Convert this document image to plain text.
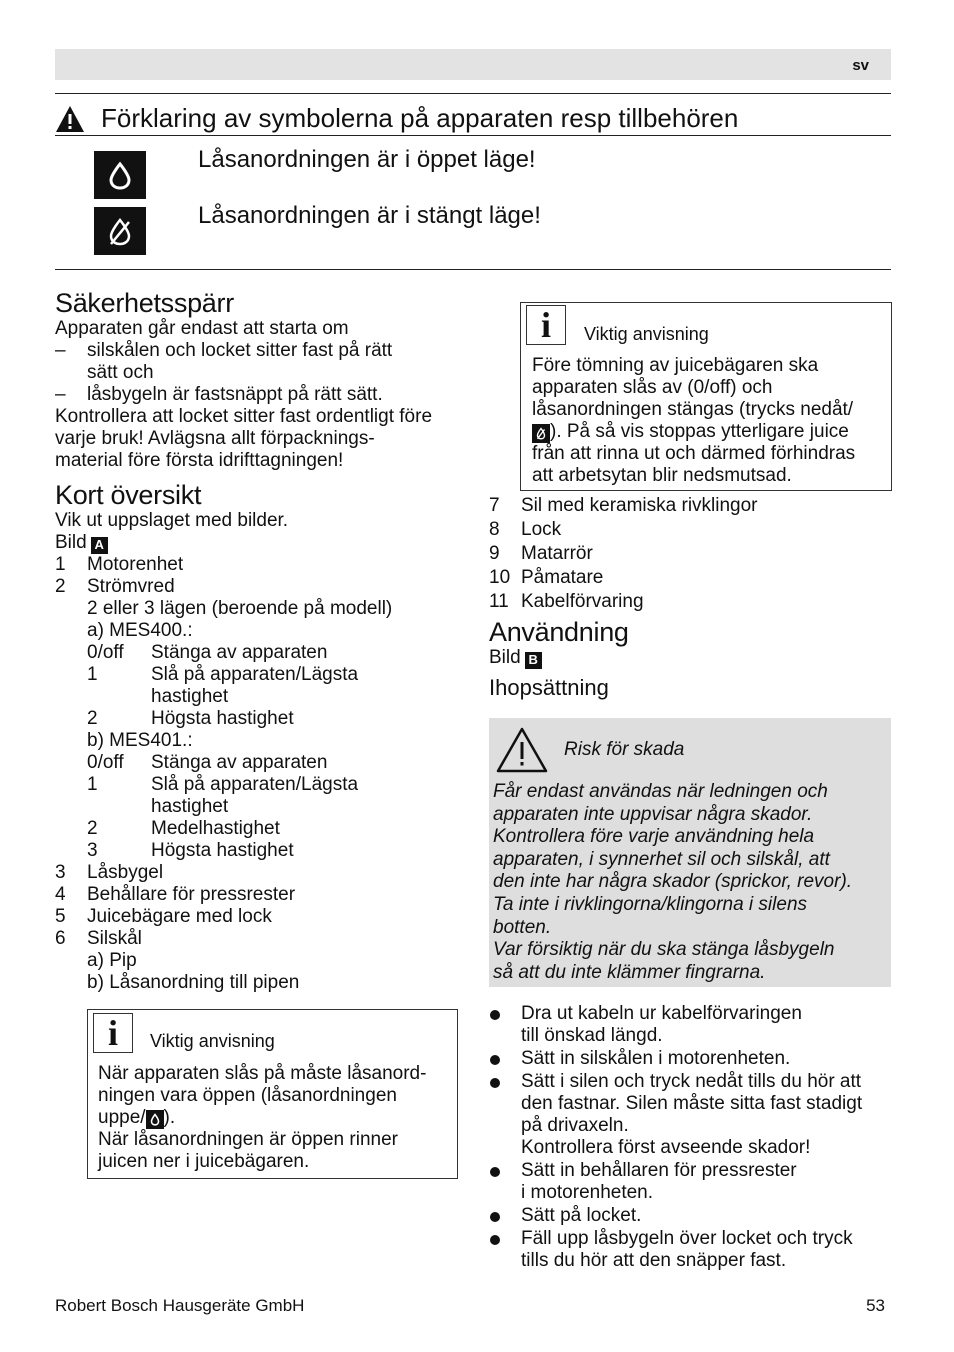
sv
Förklaring av symbolerna på apparaten resp tillbehören
Låsanordningen är i öppet läge!
Låsanordningen är i stängt läge!
Säkerhetsspärr
Apparaten går endast att starta om
–	silskålen och locket sitter fast på rätt
sätt och
–	låsbygeln är fastsnäppt på rätt sätt.
Kontrollera att locket sitter fast ordentligt före
varje bruk! Avlägsna allt förpacknings-
material före första idrifttagningen!
Kort översikt
Vik ut uppslaget med bilder.
Bild A
1	Motorenhet
2	Strömvred
2 eller 3 lägen (beroende på modell)
a) MES400.:
0/off	Stänga av apparaten
1	Slå på apparaten/Lägsta
hastighet
2	Högsta hastighet
b) MES401.:
0/off	Stänga av apparaten
1	Slå på apparaten/Lägsta
hastighet
2	Medelhastighet
3	Högsta hastighet
3	Låsbygel
4	Behållare för pressrester
5	Juicebägare med lock
6	Silskål
a) Pip
b) Låsanordning till pipen
i	Viktig anvisning
När apparaten slås på måste låsanord-
ningen vara öppen (låsanordningen
uppe/ ).
När låsanordningen är öppen rinner
juicen ner i juicebägaren.
i	Viktig anvisning
Före tömning av juicebägaren ska
apparaten slås av (0/off) och
låsanordningen stängas (trycks nedåt/
). På så vis stoppas ytterligare juice
från att rinna ut och därmed förhindras
att arbetsytan blir nedsmutsad.
7	Sil med keramiska rivklingor
8	Lock
9	Matarrör
10 Påmatare
11 Kabelförvaring
Användning
Bild B
Ihopsättning
Risk för skada
Får endast användas när ledningen och
apparaten inte uppvisar några skador.
Kontrollera före varje användning hela
apparaten, i synnerhet sil och silskål, att
den inte har några skador (sprickor, revor).
Ta inte i rivklingorna/klingorna i silens
botten.
Var försiktig när du ska stänga låsbygeln
så att du inte klämmer fingrarna.
Dra ut kabeln ur kabelförvaringen
till önskad längd.
Sätt in silskålen i motorenheten.
Sätt i silen och tryck nedåt tills du hör att
den fastnar. Silen måste sitta fast stadigt
på drivaxeln.
Kontrollera först avseende skador!
Sätt in behållaren för pressrester
i motorenheten.
Sätt på locket.
Fäll upp låsbygeln över locket och tryck
tills du hör att den snäpper fast.
Robert Bosch Hausgeräte GmbH	53
